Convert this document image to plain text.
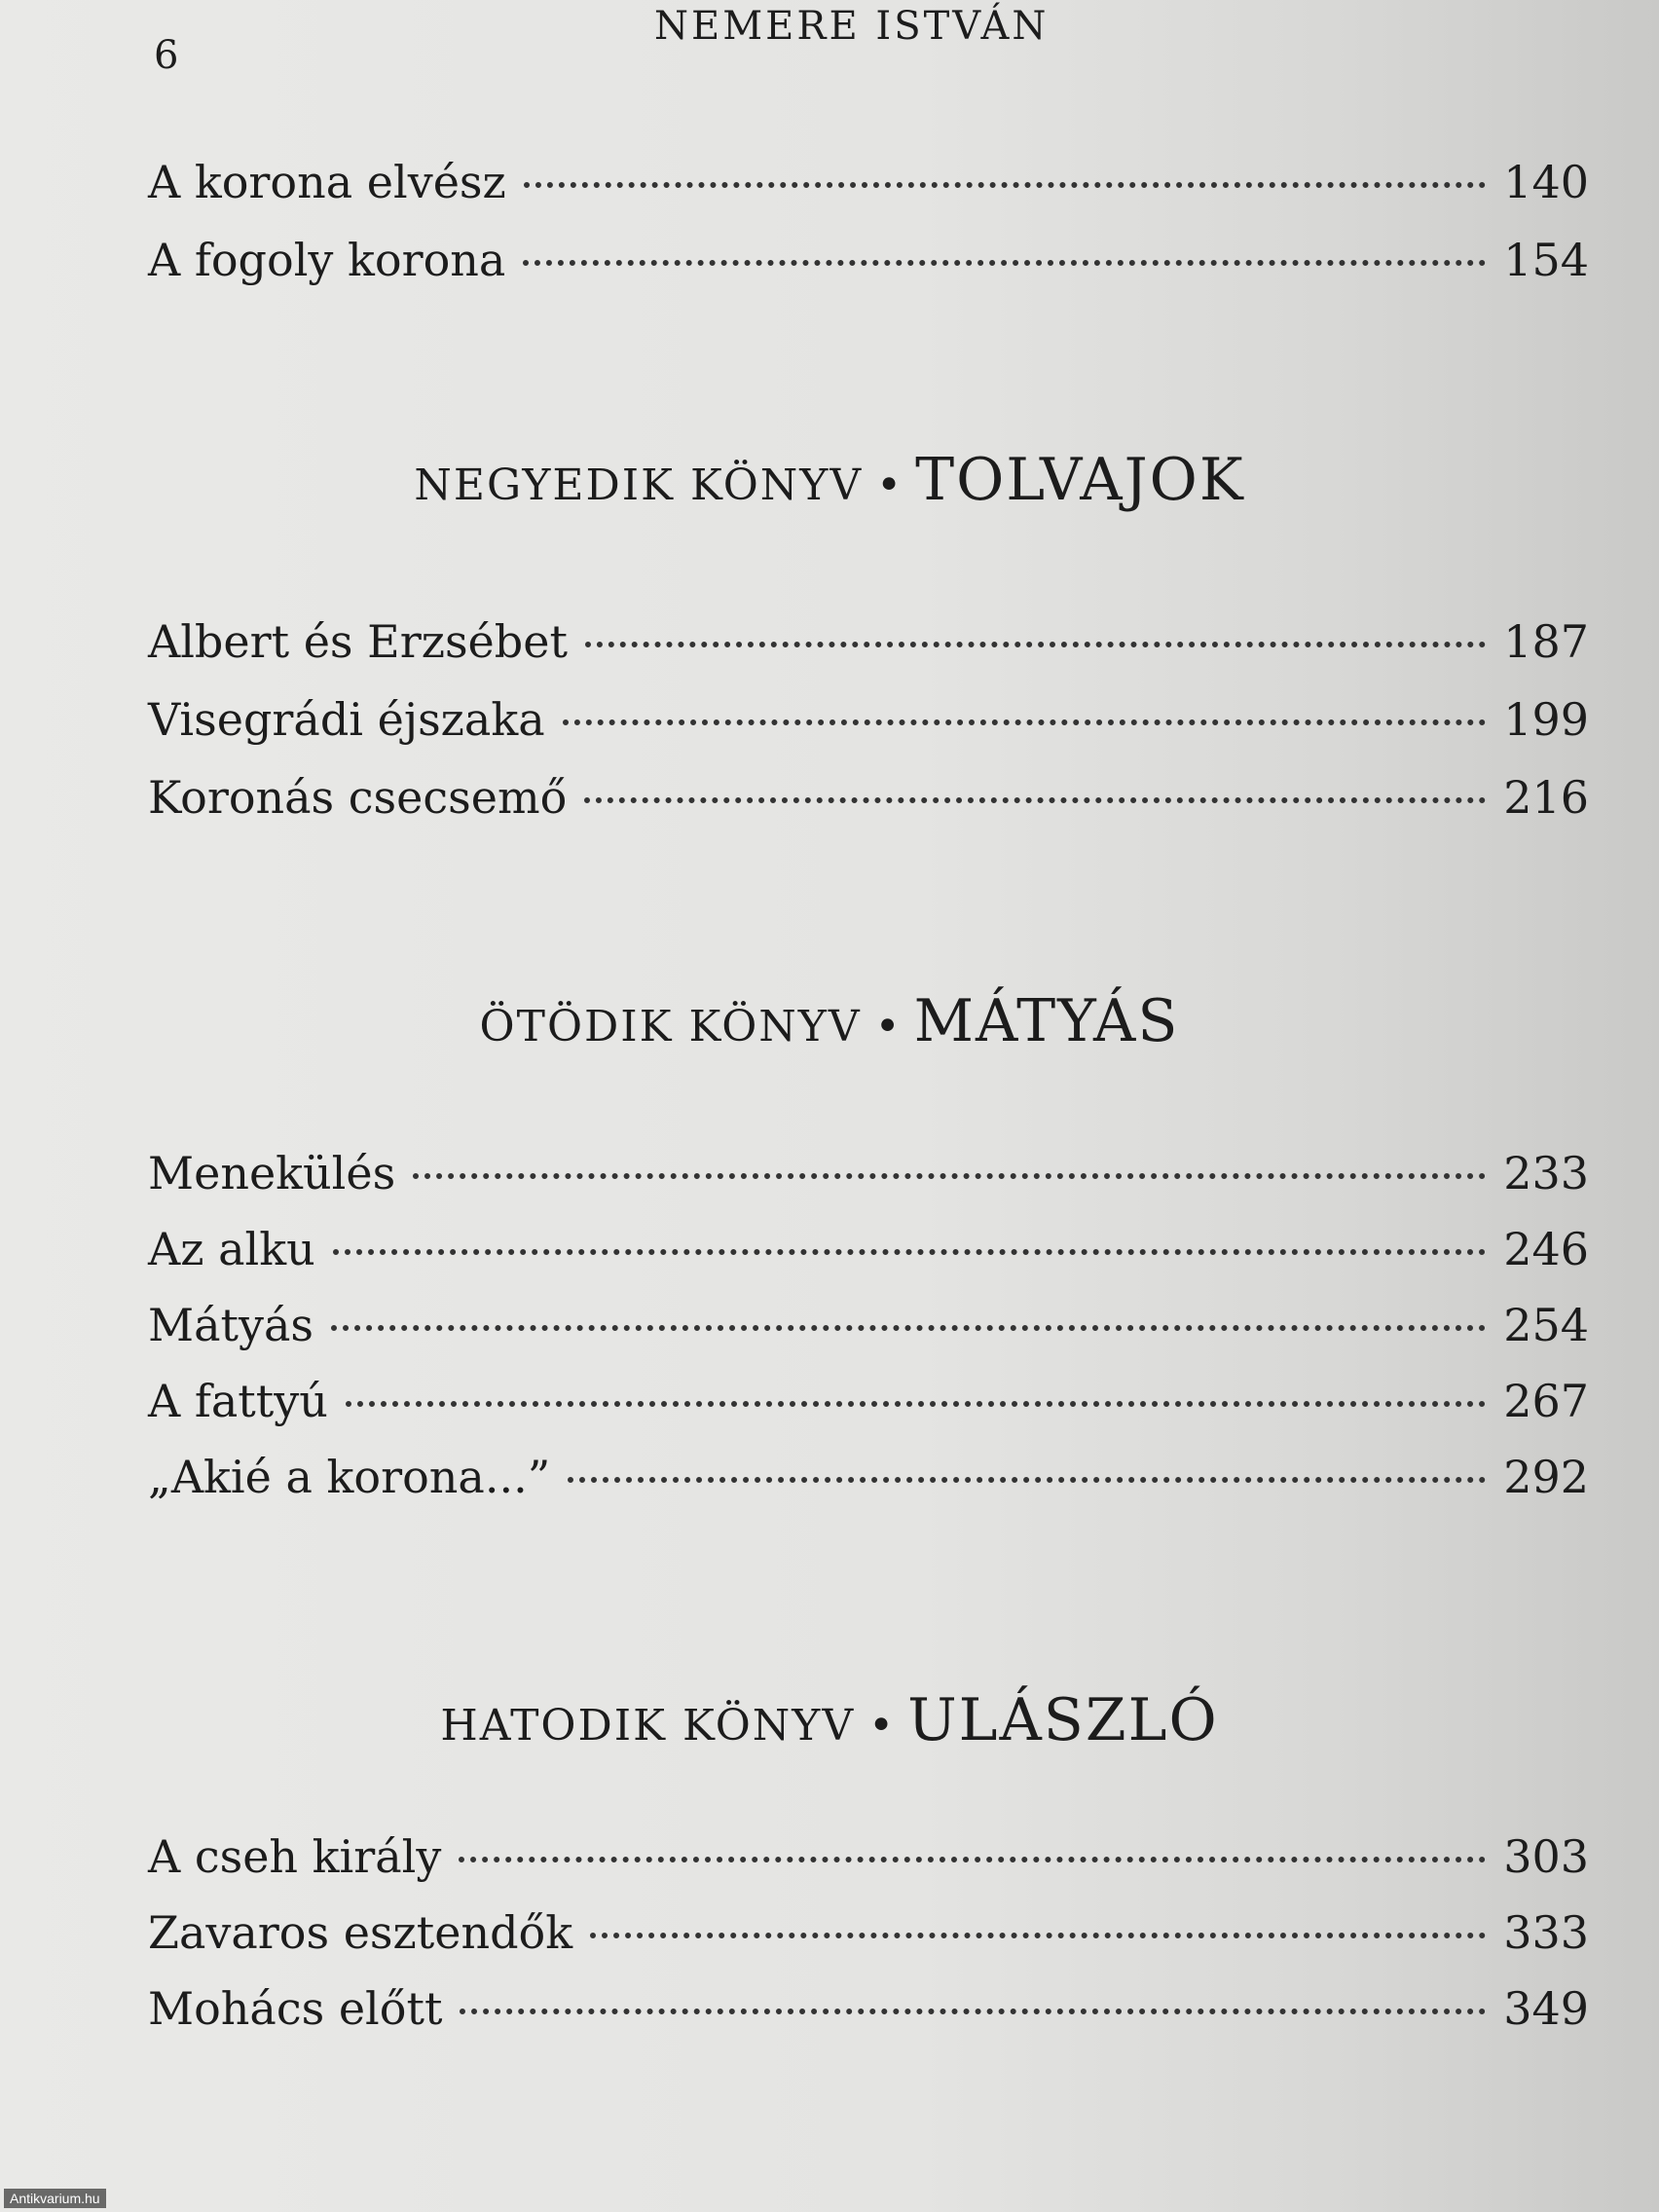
6
NEMERE ISTVÁN
A korona elvész	140
A fogoly korona	154
NEGYEDIK KÖNYV • TOLVAJOK
Albert és Erzsébet	187
Visegrádi éjszaka	199
Koronás csecsemő	216
ÖTÖDIK KÖNYV • MÁTYÁS
Menekülés	233
Az alku	246
Mátyás	254
A fattyú	267
„Akié a korona...”	292
HATODIK KÖNYV • ULÁSZLÓ
A cseh király	303
Zavaros esztendők	333
Mohács előtt	349
Antikvarium.hu
